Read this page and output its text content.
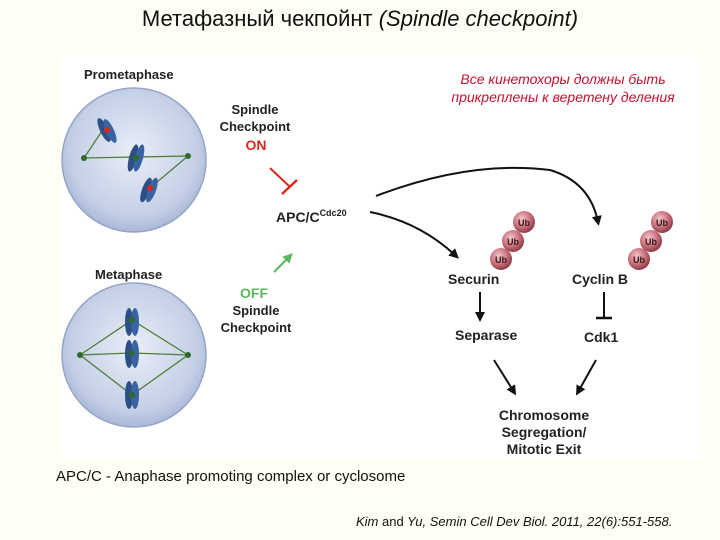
Метафазный чекпойнт (Spindle checkpoint)
Prometaphase
Metaphase
Spindle
Checkpoint
ON
APC/$C^{Cdc20}$
OFF
Spindle
Checkpoint
Ub
Ub
Ub
Ub
Ub
Ub
Securin	Cyclin B
Separase	Cdk1
Chromosome
Segregation/
Mitotic Exit
Все кинетохоры должны быть прикреплены к веретену деления
APC/C - Anaphase promoting complex or cyclosome
Kim and Yu, Semin Cell Dev Biol. 2011, 22(6):551-558.
